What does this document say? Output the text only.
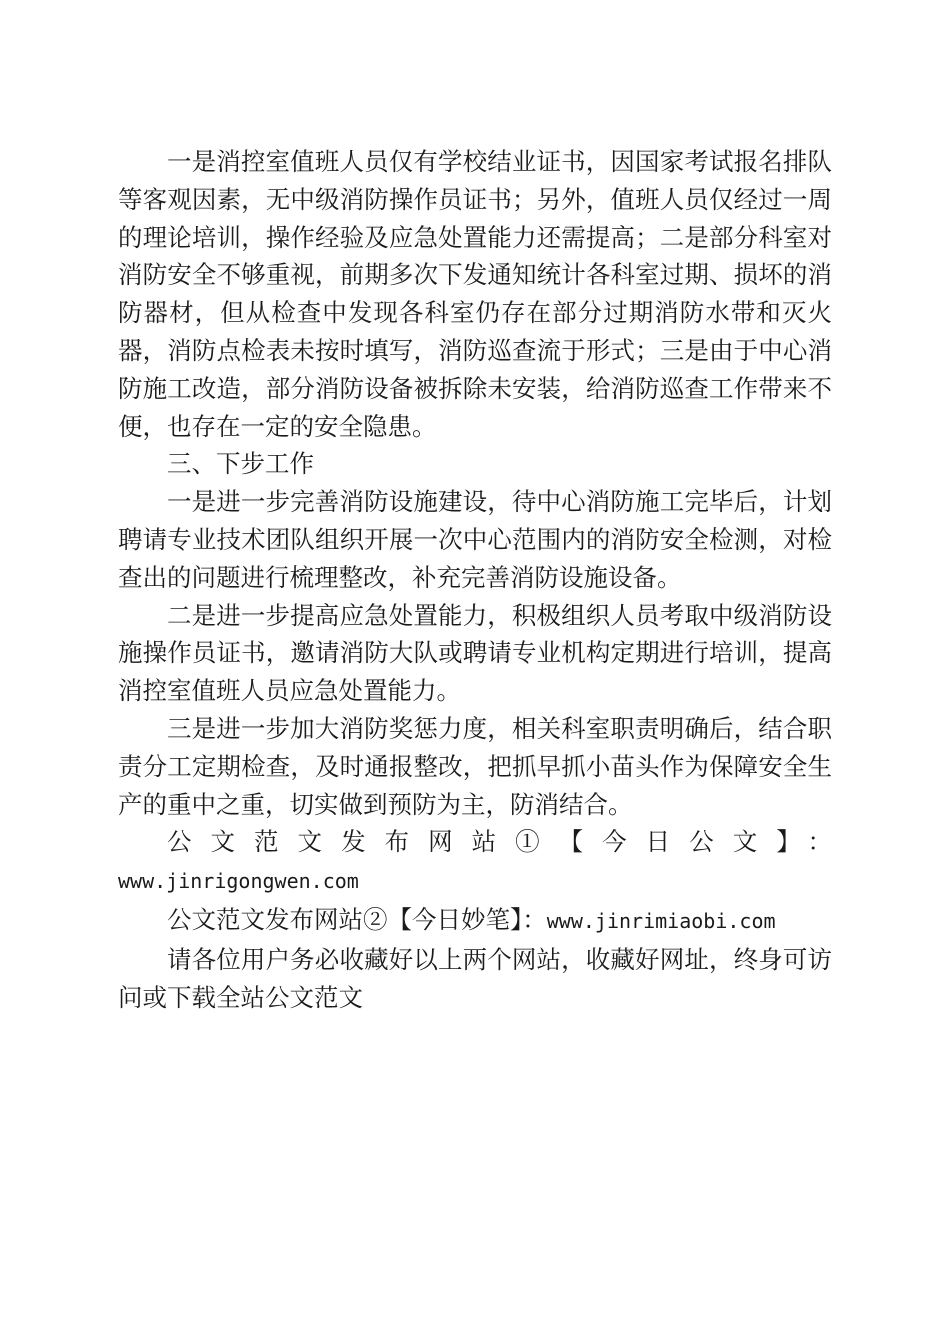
一是消控室值班人员仅有学校结业证书，因国家考试报名排队等客观因素，无中级消防操作员证书；另外，值班人员仅经过一周的理论培训，操作经验及应急处置能力还需提高；二是部分科室对消防安全不够重视，前期多次下发通知统计各科室过期、损坏的消防器材，但从检查中发现各科室仍存在部分过期消防水带和灭火器，消防点检表未按时填写，消防巡查流于形式；三是由于中心消防施工改造，部分消防设备被拆除未安装，给消防巡查工作带来不便，也存在一定的安全隐患。

三、下步工作

一是进一步完善消防设施建设，待中心消防施工完毕后，计划聘请专业技术团队组织开展一次中心范围内的消防安全检测，对检查出的问题进行梳理整改，补充完善消防设施设备。

二是进一步提高应急处置能力，积极组织人员考取中级消防设施操作员证书，邀请消防大队或聘请专业机构定期进行培训，提高消控室值班人员应急处置能力。

三是进一步加大消防奖惩力度，相关科室职责明确后，结合职责分工定期检查，及时通报整改，把抓早抓小苗头作为保障安全生产的重中之重，切实做到预防为主，防消结合。

公文范文发布网站①【今日公文】：

www.jinrigongwen.com

公文范文发布网站②【今日妙笔】：www.jinrimiaobi.com

请各位用户务必收藏好以上两个网站，收藏好网址，终身可访问或下载全站公文范文
